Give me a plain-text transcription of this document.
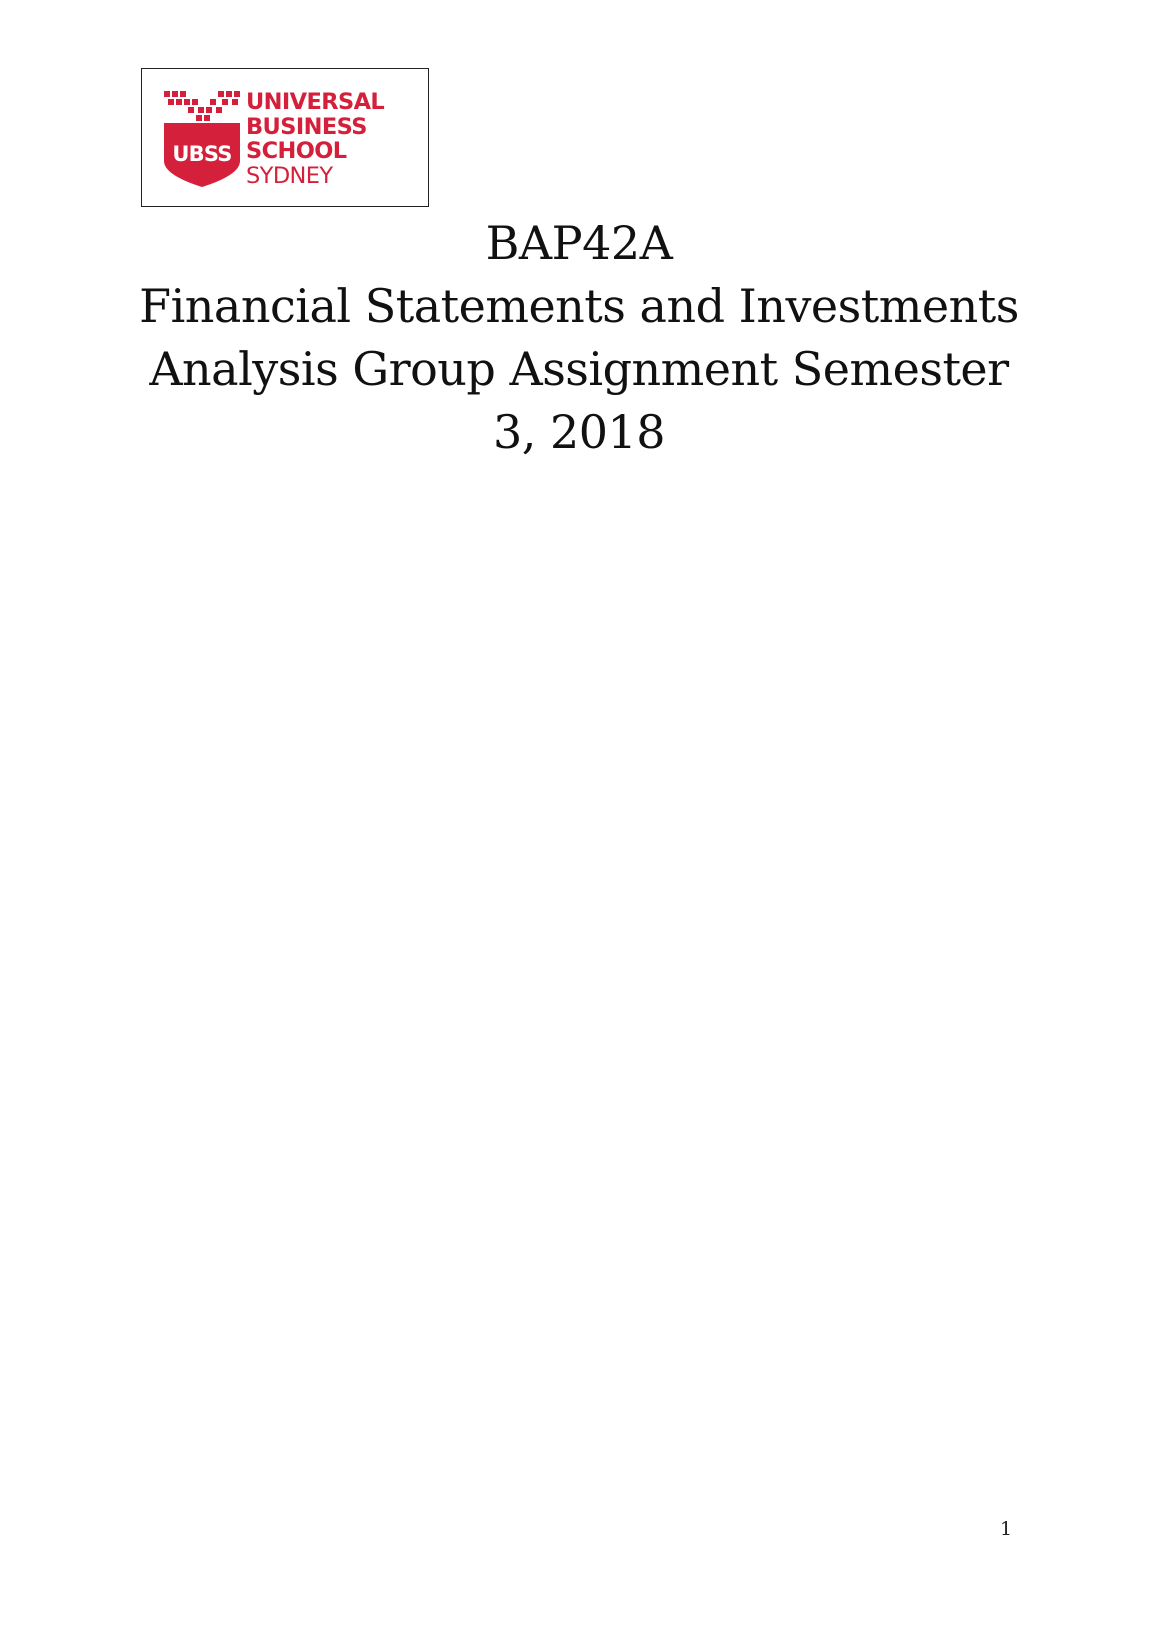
UBSS
UNIVERSAL
BUSINESS
SCHOOL
SYDNEY
BAP42A
Financial Statements and Investments
Analysis Group Assignment Semester
3, 2018
1
